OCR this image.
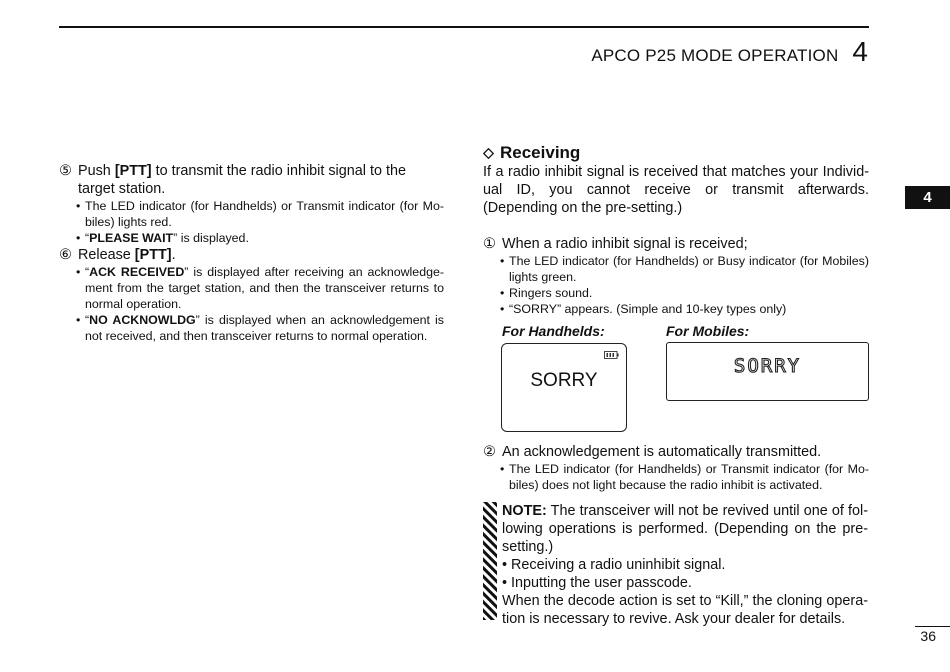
APCO P25 MODE OPERATION 4
4
⑤ Push [PTT] to transmit the radio inhibit signal to the target station.
• The LED indicator (for Handhelds) or Transmit indicator (for Mo-biles) lights red.
• “PLEASE WAIT” is displayed.
⑥ Release [PTT].
• “ACK RECEIVED” is displayed after receiving an acknowledge-ment from the target station, and then the transceiver returns to normal operation.
• “NO ACKNOWLDG” is displayed when an acknowledgement is not received, and then transceiver returns to normal operation.
Receiving
If a radio inhibit signal is received that matches your Individ-ual ID, you cannot receive or transmit afterwards. (Depending on the pre-setting.)
① When a radio inhibit signal is received;
• The LED indicator (for Handhelds) or Busy indicator (for Mobiles) lights green.
• Ringers sound.
• “SORRY” appears. (Simple and 10-key types only)
For Handhelds:	For Mobiles:
SORRY
SORRY
② An acknowledgement is automatically transmitted.
• The LED indicator (for Handhelds) or Transmit indicator (for Mo-biles) does not light because the radio inhibit is activated.
NOTE: The transceiver will not be revived until one of fol-lowing operations is performed. (Depending on the pre-setting.)
• Receiving a radio uninhibit signal.
• Inputting the user passcode.
When the decode action is set to “Kill,” the cloning opera-tion is necessary to revive. Ask your dealer for details.
36
